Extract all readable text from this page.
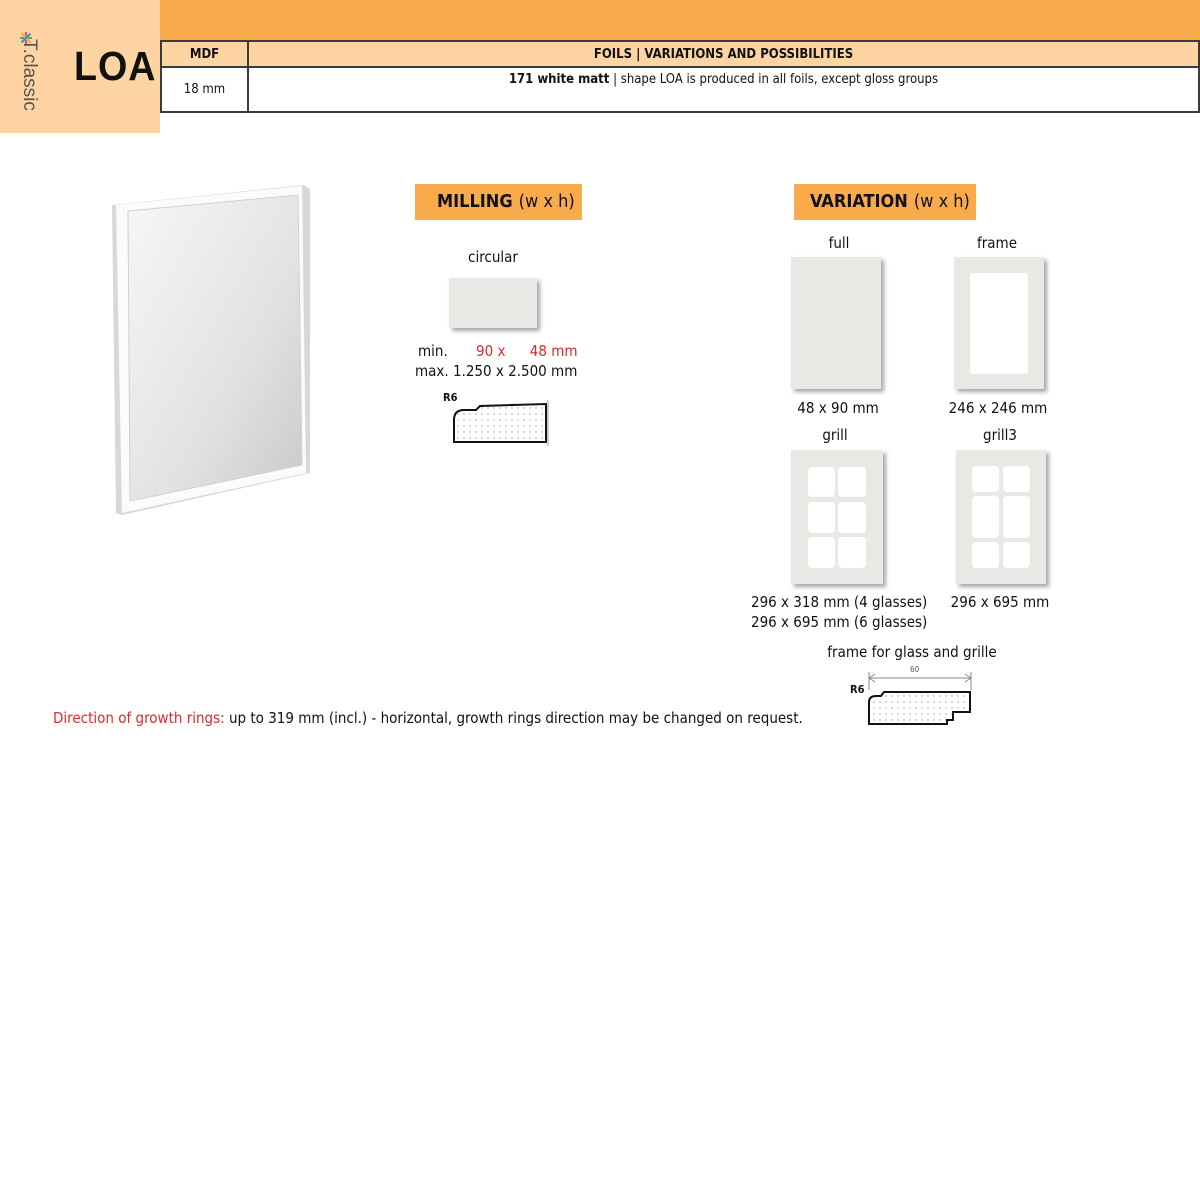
T.classic LOA	MDF	FOILS | VARIATIONS AND POSSIBILITIES
18 mm	171 white matt | shape LOA is produced in all foils, except gloss groups
MILLING (w x h)
circular
min. 90 x 48 mm
max. 1.250 x 2.500 mm
R6
VARIATION (w x h)
full
48 x 90 mm
frame
246 x 246 mm
grill
296 x 318 mm (4 glasses)
296 x 695 mm (6 glasses)
grill3
296 x 695 mm
frame for glass and grille
R6
60
Direction of growth rings: up to 319 mm (incl.) - horizontal, growth rings direction may be changed on request.
